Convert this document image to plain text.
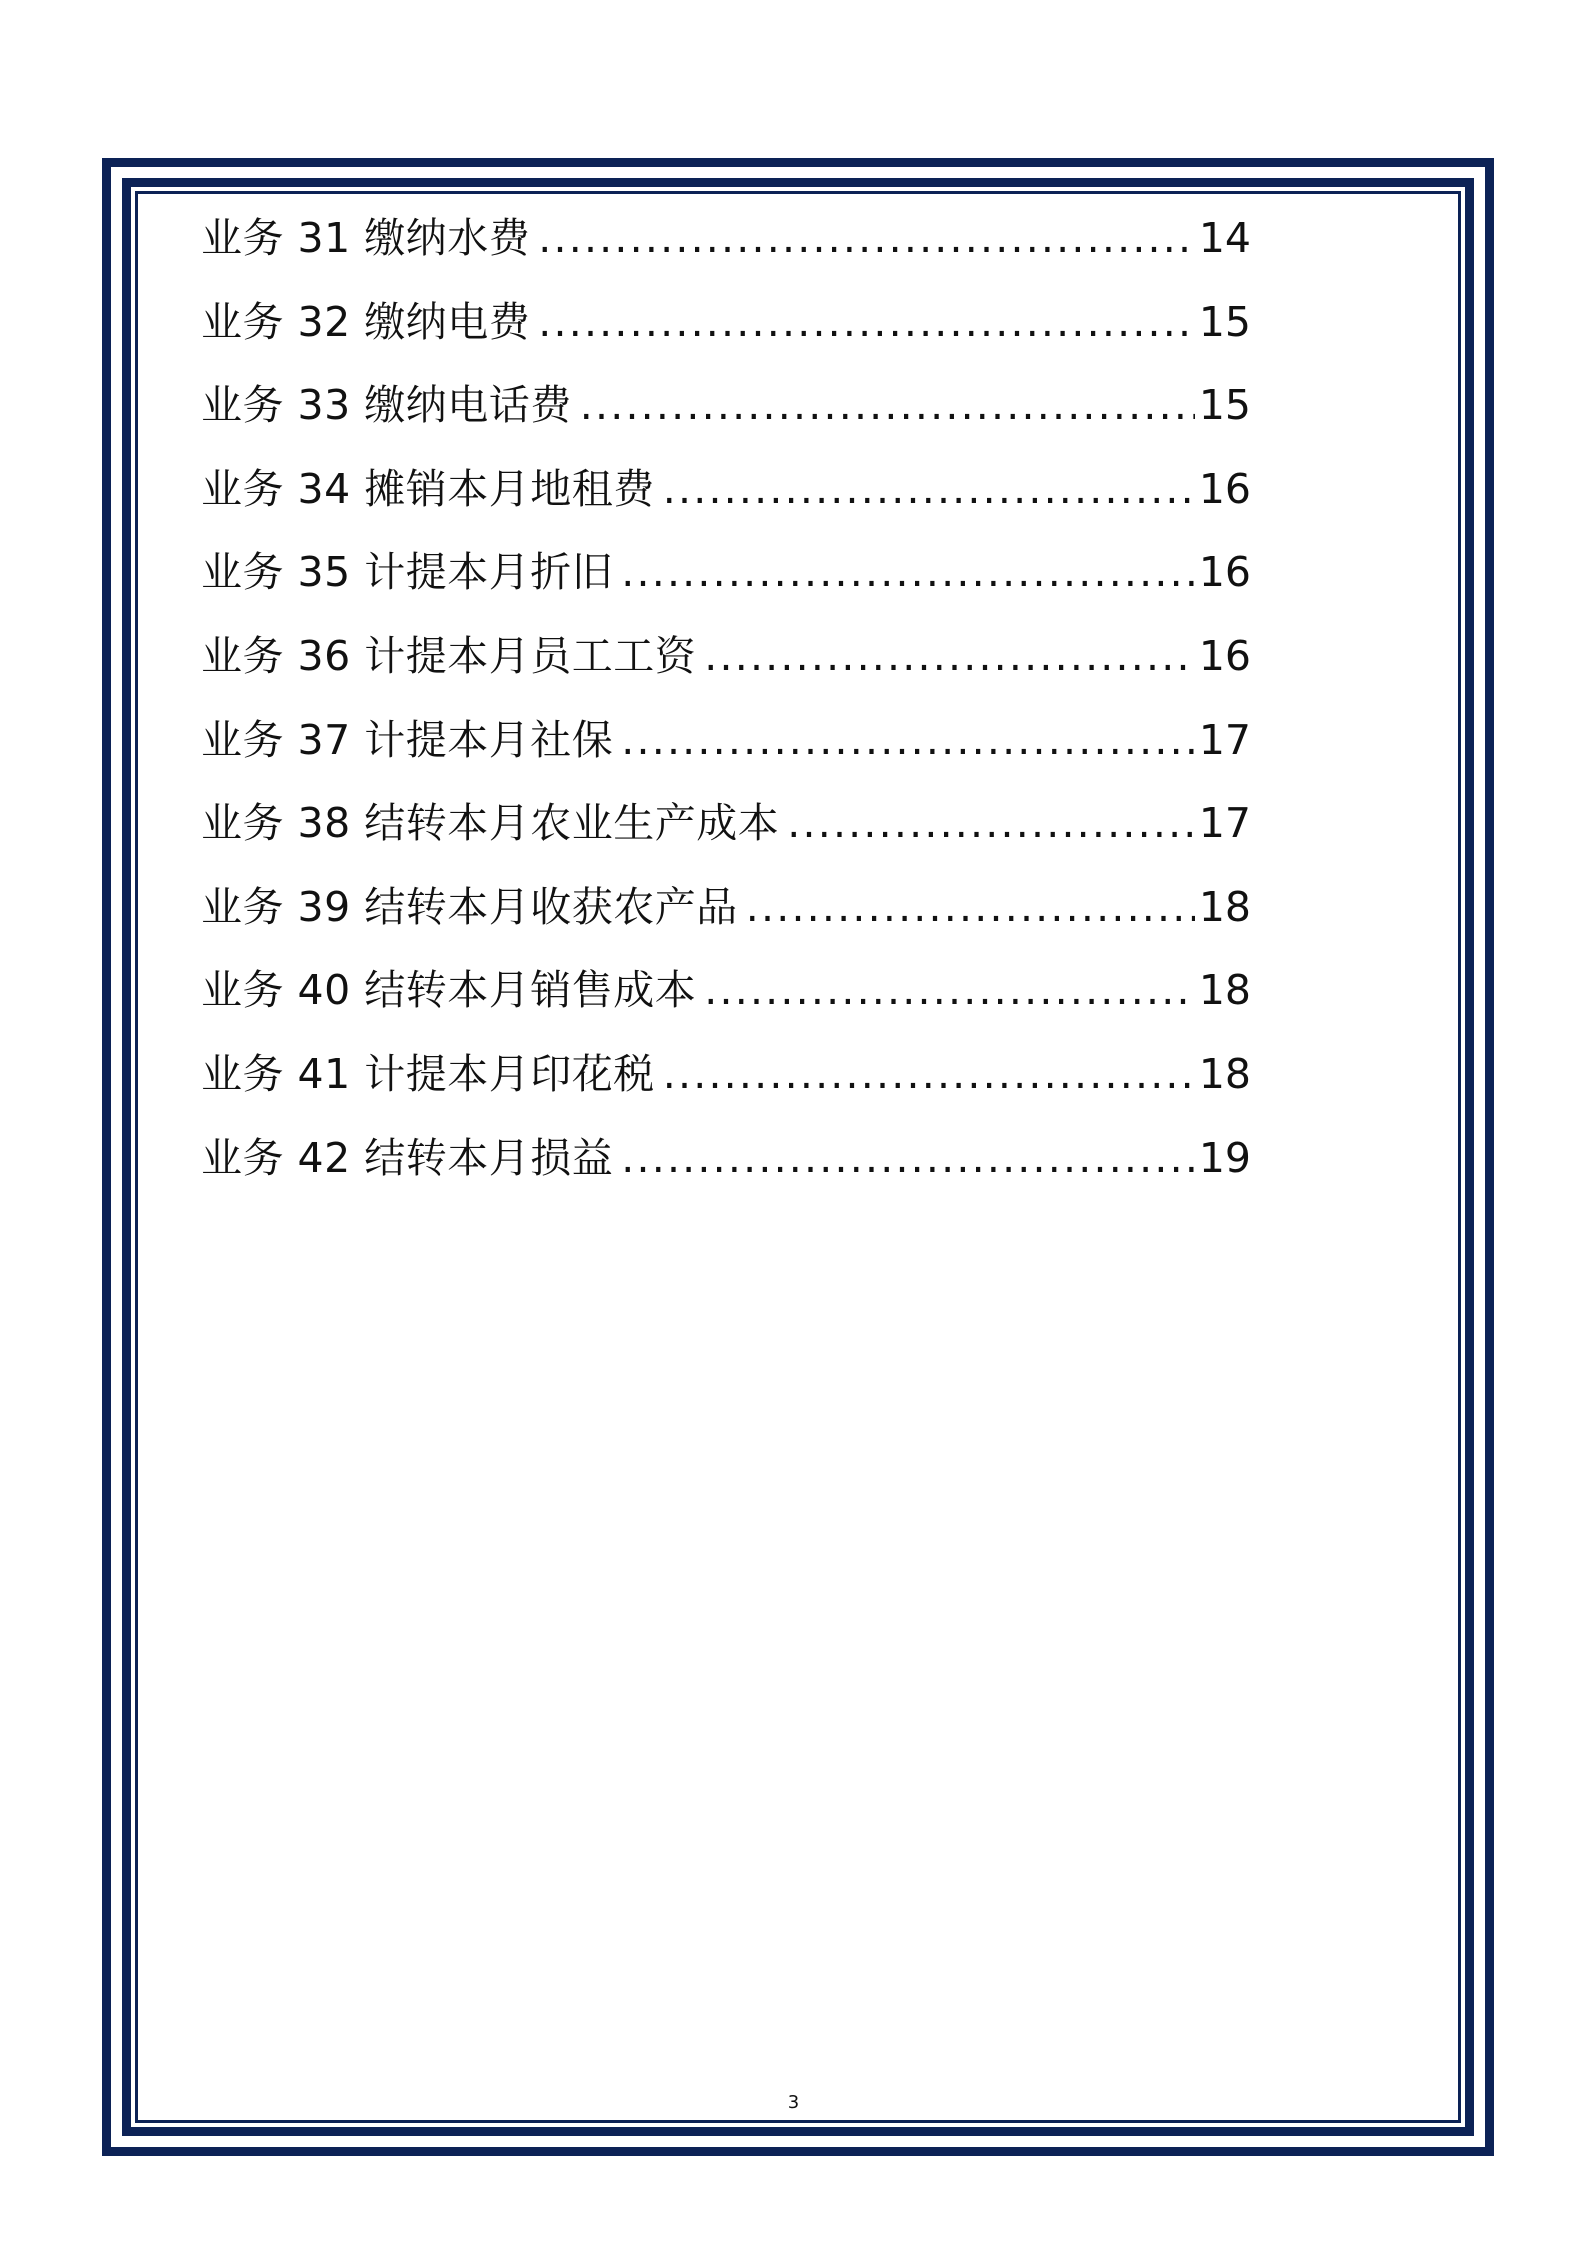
业务 31 缴纳水费 .....	14
业务 32 缴纳电费 .....	15
业务 33 缴纳电话费 .....	15
业务 34 摊销本月地租费 .....	16
业务 35 计提本月折旧 .....	16
业务 36 计提本月员工工资 .....	16
业务 37 计提本月社保 .....	17
业务 38 结转本月农业生产成本 .....	17
业务 39 结转本月收获农产品 .....	18
业务 40 结转本月销售成本 .....	18
业务 41 计提本月印花税 .....	18
业务 42 结转本月损益 .....	19
3
